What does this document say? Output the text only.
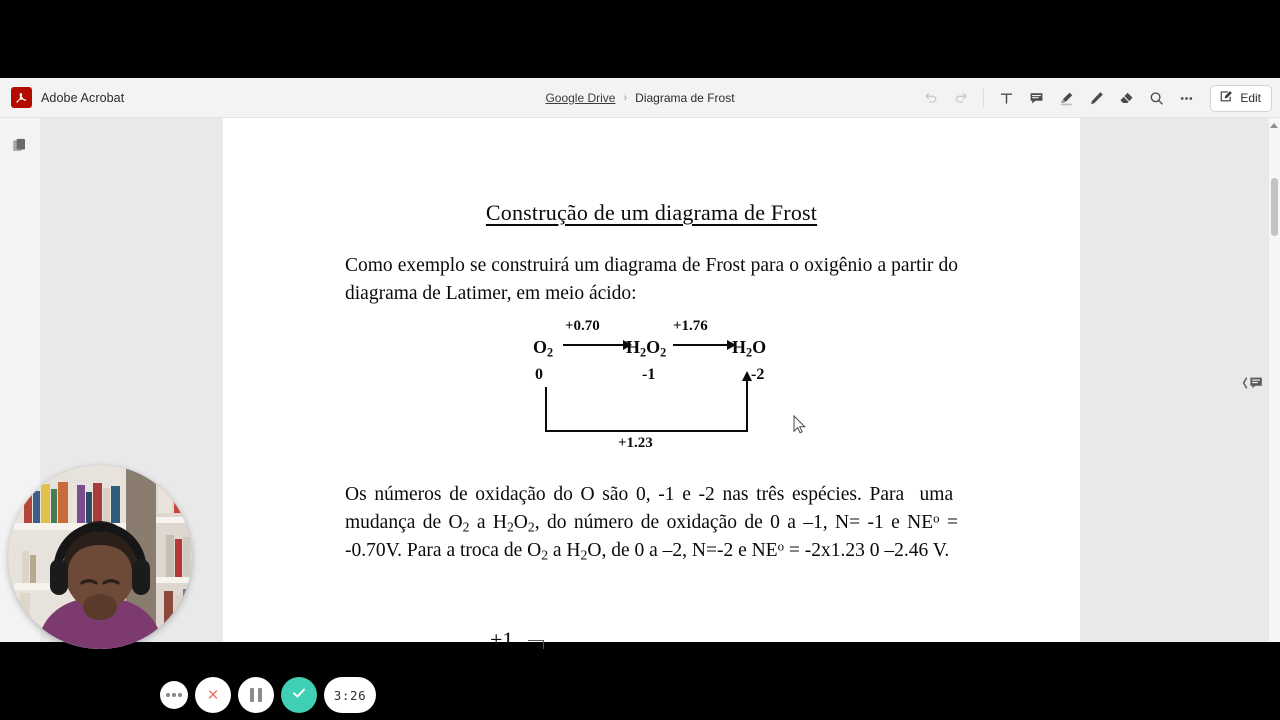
Adobe Acrobat	Google Drive › Diagrama de Frost	Edit
Construção de um diagrama de Frost

Como exemplo se construirá um diagrama de Frost para o oxigênio a partir do diagrama de Latimer, em meio ácido:

$O_2$
0
+0.70
$H_2O_2$
-1
+1.76
$H_2O$
-2
+1.23

Os números de oxidação do O são 0, -1 e -2 nas três espécies. Para  uma  mudança de $O_2$ a $H_2O_2$, do número de oxidação de 0 a –1, N= -1 e $NE^o = -0.70V$. Para a troca de $O_2$ a $H_2O$, de 0 a –2, N=-2 e $NE^o = -2x1.23$ 0 –2.46 V.

+1
×	3:26
